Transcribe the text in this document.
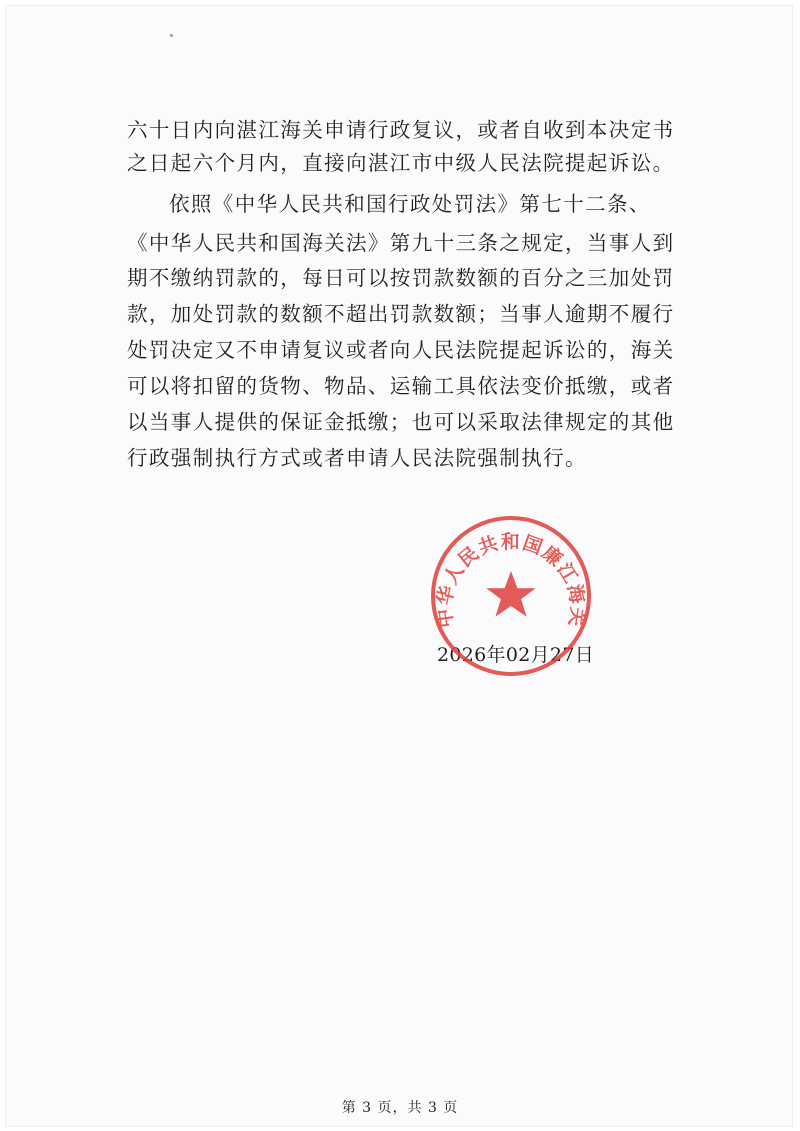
六十日内向湛江海关申请行政复议，或者自收到本决定书
之日起六个月内，直接向湛江市中级人民法院提起诉讼。
依照《中华人民共和国行政处罚法》第七十二条、
《中华人民共和国海关法》第九十三条之规定，当事人到
期不缴纳罚款的，每日可以按罚款数额的百分之三加处罚
款，加处罚款的数额不超出罚款数额；当事人逾期不履行
处罚决定又不申请复议或者向人民法院提起诉讼的，海关
可以将扣留的货物、物品、运输工具依法变价抵缴，或者
以当事人提供的保证金抵缴；也可以采取法律规定的其他
行政强制执行方式或者申请人民法院强制执行。
2026年02月27日
中华人民共和国廉江海关
第 3 页，共 3 页
